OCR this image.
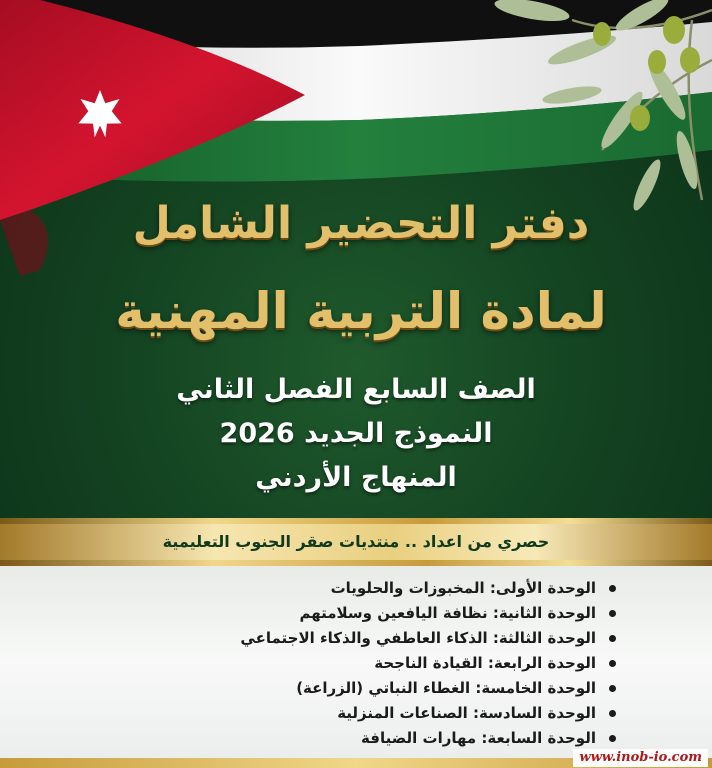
دفتر التحضير الشامل
لمادة التربية المهنية
الصف السابع الفصل الثاني
النموذج الجديد 2026
المنهاج الأردني
حصري من اعداد .. منتديات صقر الجنوب التعليمية
الوحدة الأولى: المخبوزات والحلويات
الوحدة الثانية: نظافة اليافعين وسلامتهم
الوحدة الثالثة: الذكاء العاطفي والذكاء الاجتماعي
الوحدة الرابعة: القيادة الناجحة
الوحدة الخامسة: الغطاء النباتي (الزراعة)
الوحدة السادسة: الصناعات المنزلية
الوحدة السابعة: مهارات الضيافة
www.inob-io.com
